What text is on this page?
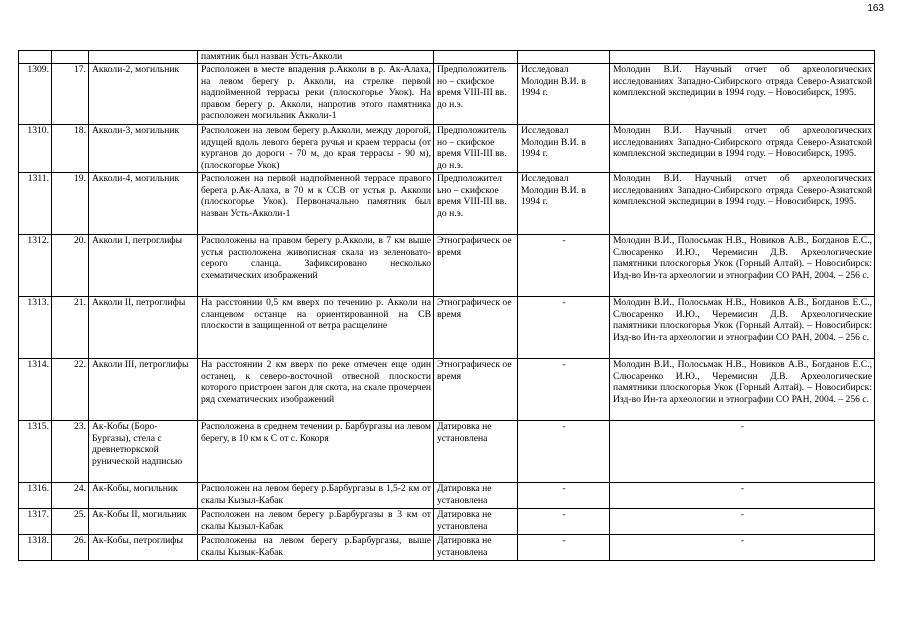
163
			памятник был назван Усть-Акколи			
1309.	17.	Акколи-2, могильник	Расположен в месте впадения р.Акколи в р. Ак-Алаха, на левом берегу р. Акколи, на стрелке первой надпойменной террасы реки (плоскогорье Укок). На правом берегу р. Акколи, напротив этого памятника расположен могильник Акколи-1	Предположитель но – скифское время VIII-III вв. до н.э.	Исследовал Молодин В.И. в 1994 г.	Молодин В.И. Научный отчет об археологических исследованиях Западно-Сибирского отряда Северо-Азиатской комплексной экспедиции в 1994 году. – Новосибирск, 1995.
1310.	18.	Акколи-3, могильник	Расположен на левом берегу р.Акколи, между дорогой, идущей вдоль левого берега ручья и краем террасы (от курганов до дороги - 70 м, до края террасы - 90 м), (плоскогорье Укок)	Предположитель но – скифское время VIII-III вв. до н.э.	Исследовал Молодин В.И. в 1994 г.	Молодин В.И. Научный отчет об археологических исследованиях Западно-Сибирского отряда Северо-Азиатской комплексной экспедиции в 1994 году. – Новосибирск, 1995.
1311.	19.	Акколи-4, могильник	Расположен на первой надпойменной террасе правого берега р.Ак-Алаха, в 70 м к ССВ от устья р. Акколи (плоскогорье Укок). Первоначально памятник был назван Усть-Акколи-1	Предположител ьно – скифское время VIII-III вв. до н.э.	Исследовал Молодин В.И. в 1994 г.	Молодин В.И. Научный отчет об археологических исследованиях Западно-Сибирского отряда Северо-Азиатской комплексной экспедиции в 1994 году. – Новосибирск, 1995.
1312.	20.	Акколи I, петроглифы	Расположены на правом берегу р.Акколи, в 7 км выше устья расположена живописная скала из зеленовато-серого сланца. Зафиксировано несколько схематических изображений	Этнографическ ое время	-	Молодин В.И., Полосьмак Н.В., Новиков А.В., Богданов Е.С., Слюсаренко И.Ю., Черемисин Д.В. Археологические памятники плоскогорья Укок (Горный Алтай). – Новосибирск: Изд-во Ин-та археологии и этнографии СО РАН, 2004. – 256 с.
1313.	21.	Акколи II, петроглифы	На расстоянии 0,5 км вверх по течению р. Акколи на сланцевом останце на ориентированной на СВ плоскости в защищенной от ветра расщелине	Этнографическ ое время	-	Молодин В.И., Полосьмак Н.В., Новиков А.В., Богданов Е.С., Слюсаренко И.Ю., Черемисин Д.В. Археологические памятники плоскогорья Укок (Горный Алтай). – Новосибирск: Изд-во Ин-та археологии и этнографии СО РАН, 2004. – 256 с.
1314.	22.	Акколи III, петроглифы	На расстоянии 2 км вверх по реке отмечен еще один останец, к северо-восточной отвесной плоскости которого пристроен загон для скота, на скале прочерчен ряд схематических изображений	Этнографическ ое время	-	Молодин В.И., Полосьмак Н.В., Новиков А.В., Богданов Е.С., Слюсаренко И.Ю., Черемисин Д.В. Археологические памятники плоскогорья Укок (Горный Алтай). – Новосибирск: Изд-во Ин-та археологии и этнографии СО РАН, 2004. – 256 с.
1315.	23.	Ак-Кобы (Боро-Бургазы), стела с древнетюркской рунической надписью	Расположена в среднем течении р. Барбургазы на левом берегу, в 10 км к С от с. Кокоря	Датировка не установлена	-	-
1316.	24.	Ак-Кобы, могильник	Расположен на левом берегу р.Барбургазы в 1,5-2 км от скалы Кызыл-Кабак	Датировка не установлена	-	-
1317.	25.	Ак-Кобы II, могильник	Расположен на левом берегу р.Барбургазы в 3 км от скалы Кызыл-Кабак	Датировка не установлена	-	-
1318.	26.	Ак-Кобы, петроглифы	Расположены на левом берегу р.Барбургазы, выше скалы Кызык-Кабак	Датировка не установлена	-	-
